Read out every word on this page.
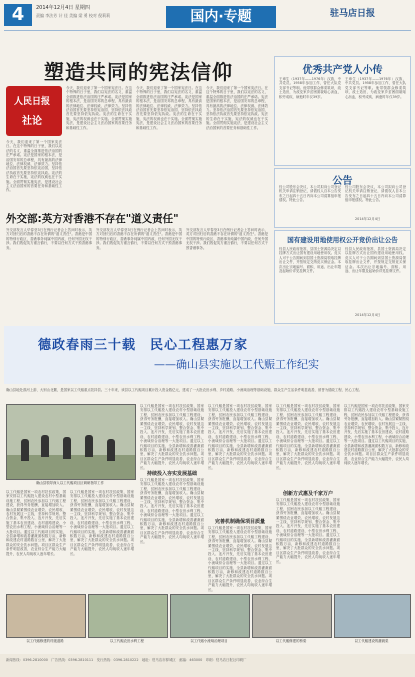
4	2014年12月4日 星期四
责编 李法芳 计 佳 美编 梁 勇 校对 倪莉莉	国内·专题	驻马店日报
塑造共同的宪法信仰
人民日报
社论
今天，我们迎来了第一个国家宪法日。在这个特殊的日子里，我们以宪法的名义，重温全面推进依法治国的庄严承诺。宪法是国家的根本法，是治国安邦的总章程，具有最高的法律地位、法律权威、法律效力。坚持依法治国首先要坚持依宪治国，坚持依法执政首先要坚持依宪执政。宪法的生命在于实施，宪法的权威也在于实施。全面贯彻实施宪法，是建设社会主义法治国家的首要任务和基础性工作。
今天，我们迎来了第一个国家宪法日。在这个特殊的日子里，我们以宪法的名义，重温全面推进依法治国的庄严承诺。宪法是国家的根本法，是治国安邦的总章程，具有最高的法律地位、法律权威、法律效力。坚持依法治国首先要坚持依宪治国，坚持依法执政首先要坚持依宪执政。宪法的生命在于实施，宪法的权威也在于实施。全面贯彻实施宪法，是建设社会主义法治国家的首要任务和基础性工作。
今天，我们迎来了第一个国家宪法日。在这个特殊的日子里，我们以宪法的名义，重温全面推进依法治国的庄严承诺。宪法是国家的根本法，是治国安邦的总章程，具有最高的法律地位、法律权威、法律效力。坚持依法治国首先要坚持依宪治国，坚持依法执政首先要坚持依宪执政。宪法的生命在于实施，宪法的权威也在于实施。全面贯彻实施宪法，是建设社会主义法治国家的首要任务和基础性工作。
今天，我们迎来了第一个国家宪法日。在这个特殊的日子里，我们以宪法的名义，重温全面推进依法治国的庄严承诺。宪法是国家的根本法，是治国安邦的总章程，具有最高的法律地位、法律权威、法律效力。坚持依法治国首先要坚持依宪治国，坚持依法执政首先要坚持依宪执政。宪法的生命在于实施，宪法的权威也在于实施。全面贯彻实施宪法，是建设社会主义法治国家的首要任务和基础性工作。
外交部:英方对香港不存在"道义责任"
外交部发言人华春莹3日在例行记者会上答问时表示，英方对回归后的香港不存在所谓的"道义责任"。香港是中国的特别行政区，香港事务纯属中国内政，任何外国无权干涉。我们敦促英方谨言慎行，不要以任何方式干预香港事务。
外交部发言人华春莹3日在例行记者会上答问时表示，英方对回归后的香港不存在所谓的"道义责任"。香港是中国的特别行政区，香港事务纯属中国内政，任何外国无权干涉。我们敦促英方谨言慎行，不要以任何方式干预香港事务。
外交部发言人华春莹3日在例行记者会上答问时表示，英方对回归后的香港不存在所谓的"道义责任"。香港是中国的特别行政区，香港事务纯属中国内政，任何外国无权干涉。我们敦促英方谨言慎行，不要以任何方式干预香港事务。
优秀共产党人小传
王章生（1937年——1976年）汉族，中共党员。1958年参加工作，曾任大队党支部书记等职。他带领群众修渠筑坝，改土造田，为改变家乡贫困面貌呕心沥血，积劳成疾，病逝时年仅39岁。
王章生（1937年——1976年）汉族，中共党员。1958年参加工作，曾任大队党支部书记等职。他带领群众修渠筑坝，改土造田，为改变家乡贫困面貌呕心沥血，积劳成疾，病逝时年仅39岁。
公告
经公司股东会决议，本公司拟向公司登记机关申请注销登记，请债权人自本公告发布之日起四十五日内向本公司清算组申报债权。特此公告。
经公司股东会决议，本公司拟向公司登记机关申请注销登记，请债权人自本公告发布之日起四十五日内向本公司清算组申报债权。特此公告。
2014年12月4日
国有建设用地使用权公开竞价出让公告
经县人民政府批准，县国土资源局决定以挂牌方式出让国有建设用地使用权。竞买人可于公告期间到县国土资源局领取挂牌出让文件，并按规定交纳竞买保证金。本次出让宗地编号、面积、用途、出让年限及起始价详见挂牌文件。
经县人民政府批准，县国土资源局决定以挂牌方式出让国有建设用地使用权。竞买人可于公告期间到县国土资源局领取挂牌出让文件，并按规定交纳竞买保证金。本次出让宗地编号、面积、用途、出让年限及起始价详见挂牌文件。
2014年12月4日
德政春雨三十载　民心工程惠万家
——确山县实施以工代赈工作纪实
确山县地处淮河上游、大别山北麓，是国家以工代赈重点扶持县。三十年来，该县以工代赈项目累计投入资金数亿元，建成了一大批农田水利、乡村道路、小流域治理等基础设施，群众生产生活条件明显改善，被誉为德政工程、民心工程。
确山县领导深入以工代赈项目区调研指导工作
以工代赈是国家一项农村扶贫政策，国家安排以工代赈投入建设农村小型基础设施工程，贫困农民参加以工代赈工程建设，获得劳务报酬，直接增加收入。确山县紧紧围绕农业增效、农民增收、农村发展这一主线，坚持科学规划、整合资金、集中投入、连片开发，先后实施了基本农田建设、农村道路建设、小型农田水利工程、小流域综合治理等一大批项目。通过以工代赈项目的实施，全县新增和改善灌溉面积数万亩，新修和改建农村道路数百公里，解决了大批群众的安全饮水问题。项目区群众生产条件明显改善，农业综合生产能力大幅提升，农民人均纯收入逐年增长。
以工代赈是国家一项农村扶贫政策，国家安排以工代赈投入建设农村小型基础设施工程，贫困农民参加以工代赈工程建设，获得劳务报酬，直接增加收入。确山县紧紧围绕农业增效、农民增收、农村发展这一主线，坚持科学规划、整合资金、集中投入、连片开发，先后实施了基本农田建设、农村道路建设、小型农田水利工程、小流域综合治理等一大批项目。通过以工代赈项目的实施，全县新增和改善灌溉面积数万亩，新修和改建农村道路数百公里，解决了大批群众的安全饮水问题。项目区群众生产条件明显改善，农业综合生产能力大幅提升，农民人均纯收入逐年增长。
以工代赈是国家一项农村扶贫政策，国家安排以工代赈投入建设农村小型基础设施工程，贫困农民参加以工代赈工程建设，获得劳务报酬，直接增加收入。确山县紧紧围绕农业增效、农民增收、农村发展这一主线，坚持科学规划、整合资金、集中投入、连片开发，先后实施了基本农田建设、农村道路建设、小型农田水利工程、小流域综合治理等一大批项目。通过以工代赈项目的实施，全县新增和改善灌溉面积数万亩，新修和改建农村道路数百公里，解决了大批群众的安全饮水问题。项目区群众生产条件明显改善，农业综合生产能力大幅提升，农民人均纯收入逐年增长。
持续投入夯实发展基础
以工代赈是国家一项农村扶贫政策，国家安排以工代赈投入建设农村小型基础设施工程，贫困农民参加以工代赈工程建设，获得劳务报酬，直接增加收入。确山县紧紧围绕农业增效、农民增收、农村发展这一主线，坚持科学规划、整合资金、集中投入、连片开发，先后实施了基本农田建设、农村道路建设、小型农田水利工程、小流域综合治理等一大批项目。通过以工代赈项目的实施，全县新增和改善灌溉面积数万亩，新修和改建农村道路数百公里，解决了大批群众的安全饮水问题。项目区群众生产条件明显改善，农业综合生产能力大幅提升，农民人均纯收入逐年增长。
以工代赈是国家一项农村扶贫政策，国家安排以工代赈投入建设农村小型基础设施工程，贫困农民参加以工代赈工程建设，获得劳务报酬，直接增加收入。确山县紧紧围绕农业增效、农民增收、农村发展这一主线，坚持科学规划、整合资金、集中投入、连片开发，先后实施了基本农田建设、农村道路建设、小型农田水利工程、小流域综合治理等一大批项目。通过以工代赈项目的实施，全县新增和改善灌溉面积数万亩，新修和改建农村道路数百公里，解决了大批群众的安全饮水问题。项目区群众生产条件明显改善，农业综合生产能力大幅提升，农民人均纯收入逐年增长。
完善机制确保项目质量
以工代赈是国家一项农村扶贫政策，国家安排以工代赈投入建设农村小型基础设施工程，贫困农民参加以工代赈工程建设，获得劳务报酬，直接增加收入。确山县紧紧围绕农业增效、农民增收、农村发展这一主线，坚持科学规划、整合资金、集中投入、连片开发，先后实施了基本农田建设、农村道路建设、小型农田水利工程、小流域综合治理等一大批项目。通过以工代赈项目的实施，全县新增和改善灌溉面积数万亩，新修和改建农村道路数百公里，解决了大批群众的安全饮水问题。项目区群众生产条件明显改善，农业综合生产能力大幅提升，农民人均纯收入逐年增长。
以工代赈是国家一项农村扶贫政策，国家安排以工代赈投入建设农村小型基础设施工程，贫困农民参加以工代赈工程建设，获得劳务报酬，直接增加收入。确山县紧紧围绕农业增效、农民增收、农村发展这一主线，坚持科学规划、整合资金、集中投入、连片开发，先后实施了基本农田建设、农村道路建设、小型农田水利工程、小流域综合治理等一大批项目。通过以工代赈项目的实施，全县新增和改善灌溉面积数万亩，新修和改建农村道路数百公里，解决了大批群众的安全饮水问题。项目区群众生产条件明显改善，农业综合生产能力大幅提升，农民人均纯收入逐年增长。
创新方式惠及千家万户
以工代赈是国家一项农村扶贫政策，国家安排以工代赈投入建设农村小型基础设施工程，贫困农民参加以工代赈工程建设，获得劳务报酬，直接增加收入。确山县紧紧围绕农业增效、农民增收、农村发展这一主线，坚持科学规划、整合资金、集中投入、连片开发，先后实施了基本农田建设、农村道路建设、小型农田水利工程、小流域综合治理等一大批项目。通过以工代赈项目的实施，全县新增和改善灌溉面积数万亩，新修和改建农村道路数百公里，解决了大批群众的安全饮水问题。项目区群众生产条件明显改善，农业综合生产能力大幅提升，农民人均纯收入逐年增长。
以工代赈是国家一项农村扶贫政策，国家安排以工代赈投入建设农村小型基础设施工程，贫困农民参加以工代赈工程建设，获得劳务报酬，直接增加收入。确山县紧紧围绕农业增效、农民增收、农村发展这一主线，坚持科学规划、整合资金、集中投入、连片开发，先后实施了基本农田建设、农村道路建设、小型农田水利工程、小流域综合治理等一大批项目。通过以工代赈项目的实施，全县新增和改善灌溉面积数万亩，新修和改建农村道路数百公里，解决了大批群众的安全饮水问题。项目区群众生产条件明显改善，农业综合生产能力大幅提升，农民人均纯收入逐年增长。
以工代赈修建的村级道路	以工代赈农田水利工程	以工代赈小流域治理项目	以工代赈修建的桥梁	以工代赈建设的灌溉渠
新闻热线：0396-2810000　广告热线：0396-2810111　发行热线：0396-2810222　地址：驻马店市驿城区　邮编：463000　印刷：驻马店日报社印刷厂
